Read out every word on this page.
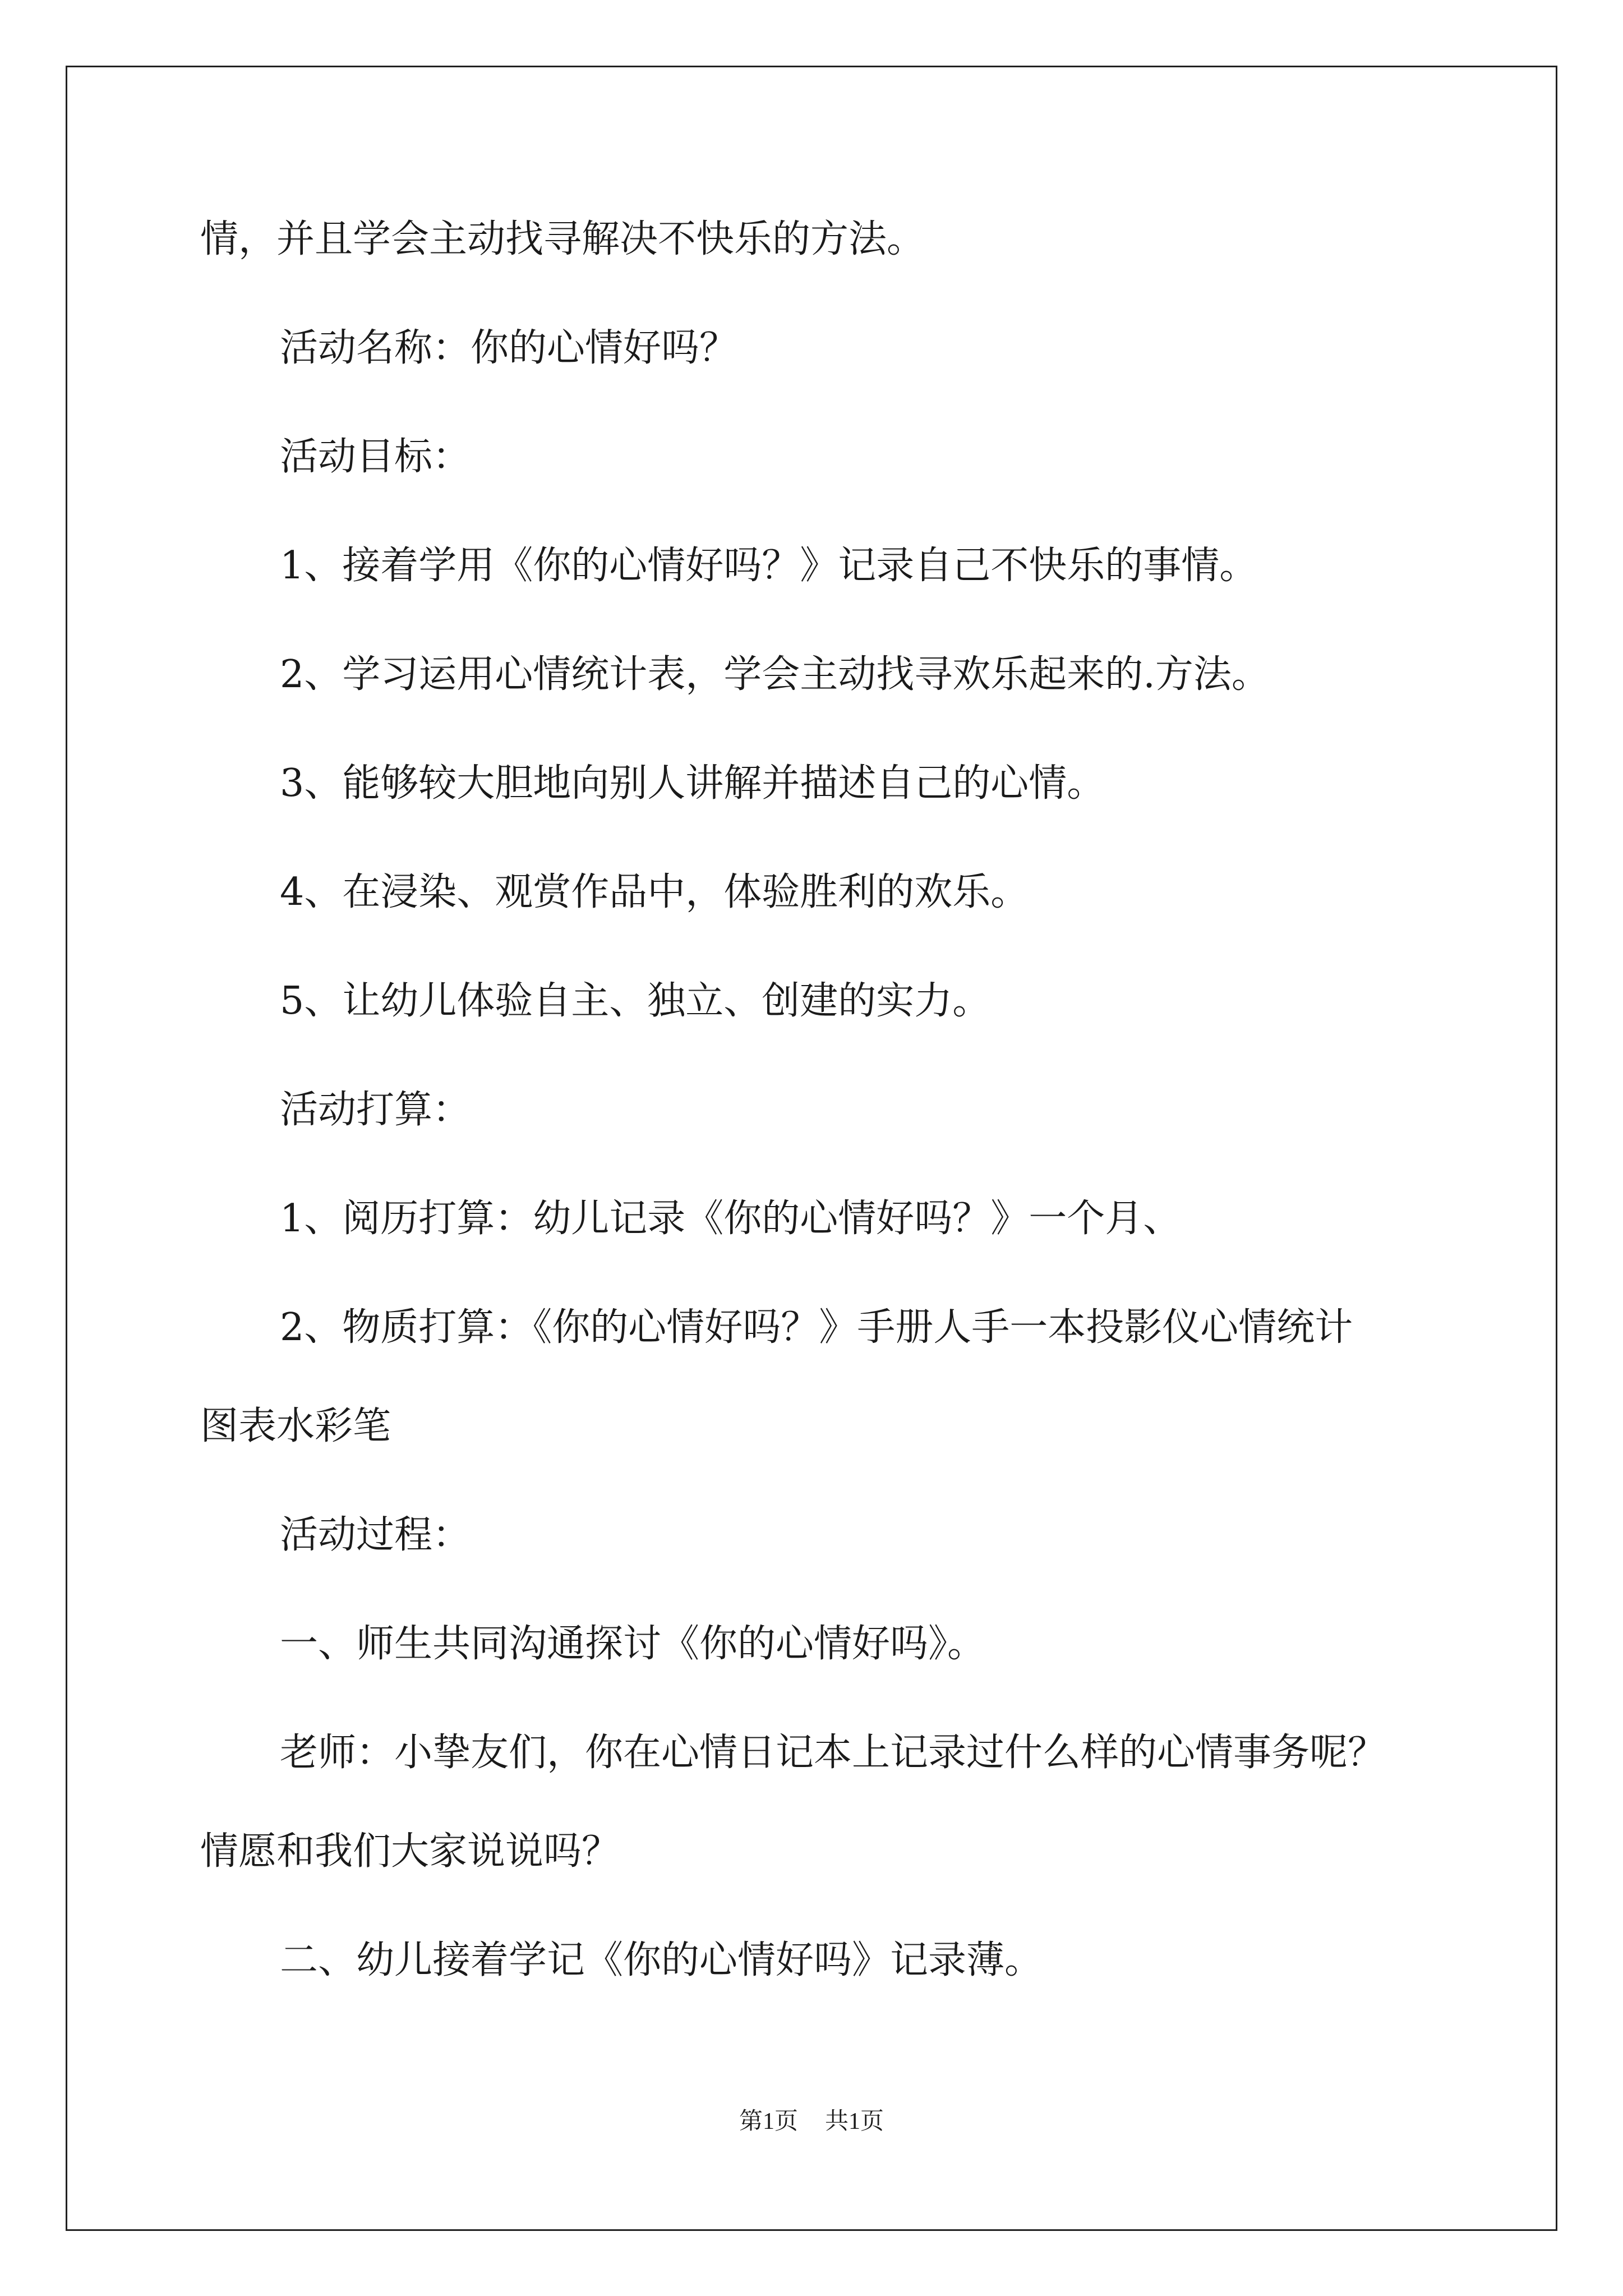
情，并且学会主动找寻解决不快乐的方法。

活动名称：你的心情好吗？

活动目标：

1、接着学用《你的心情好吗？》记录自己不快乐的事情。

2、学习运用心情统计表，学会主动找寻欢乐起来的.方法。

3、能够较大胆地向别人讲解并描述自己的心情。

4、在浸染、观赏作品中，体验胜利的欢乐。

5、让幼儿体验自主、独立、创建的实力。

活动打算：

1、阅历打算：幼儿记录《你的心情好吗？》一个月、

2、物质打算：《你的心情好吗？》手册人手一本投影仪心情统计

图表水彩笔

活动过程：

一、师生共同沟通探讨《你的心情好吗》。

老师：小挚友们，你在心情日记本上记录过什么样的心情事务呢？

情愿和我们大家说说吗？

二、幼儿接着学记《你的心情好吗》记录薄。

第1页 共1页
